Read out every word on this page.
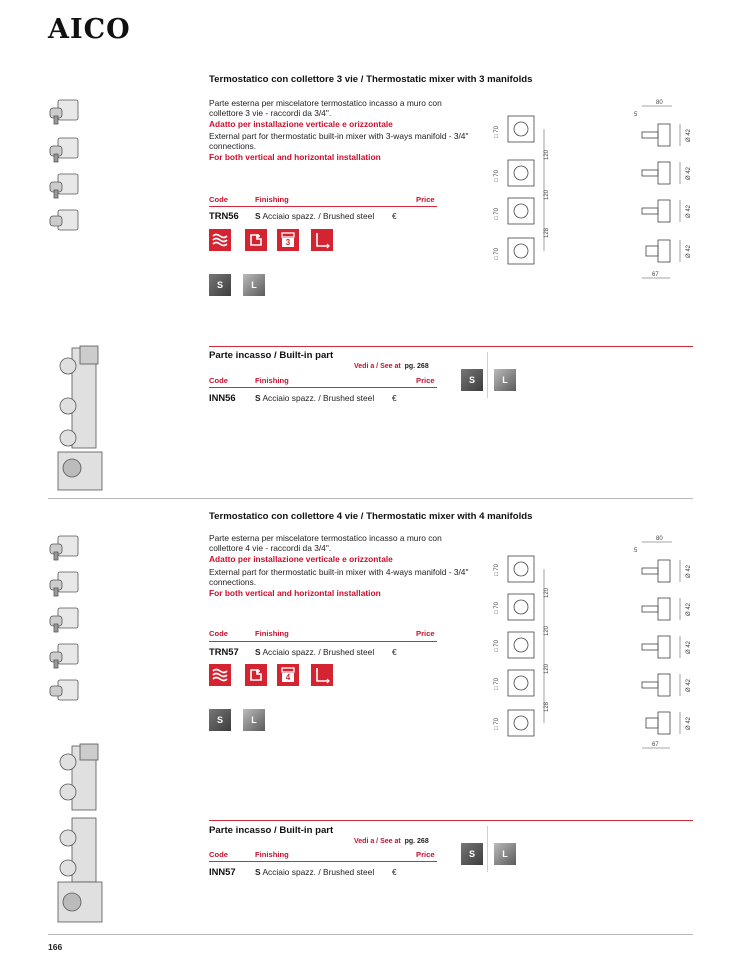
AICO
Termostatico con collettore 3 vie / Thermostatic mixer with 3 manifolds
Parte esterna per miscelatore termostatico incasso a muro con collettore 3 vie - raccordi da 3/4".
Adatto per installazione verticale e orizzontale
External part for thermostatic built-in mixer with 3-ways manifold - 3/4" connections.
For both vertical and horizontal installation
Code	Finishing	Price
TRN56 S Acciaio spazz. / Brushed steel €
3
S	L
□ 70
□ 70
□ 70
□ 70
120
120
128
80
5
Ø 42
Ø 42
Ø 42
Ø 42
67
Parte incasso / Built-in part
Vedi a / See at pg. 268
Code	Finishing	Price
INN56 S Acciaio spazz. / Brushed steel €
S	L
Termostatico con collettore 4 vie / Thermostatic mixer with 4 manifolds
Parte esterna per miscelatore termostatico incasso a muro con collettore 4 vie - raccordi da 3/4".
Adatto per installazione verticale e orizzontale
External part for thermostatic built-in mixer with 4-ways manifold - 3/4" connections.
For both vertical and horizontal installation
Code	Finishing	Price
TRN57 S Acciaio spazz. / Brushed steel €
4
S	L
□ 70
□ 70
□ 70
□ 70
□ 70
120
120
120
128
80
5
Ø 42
Ø 42
Ø 42
Ø 42
Ø 42
67
Parte incasso / Built-in part
Vedi a / See at pg. 268
Code	Finishing	Price
INN57 S Acciaio spazz. / Brushed steel €
S	L
166
